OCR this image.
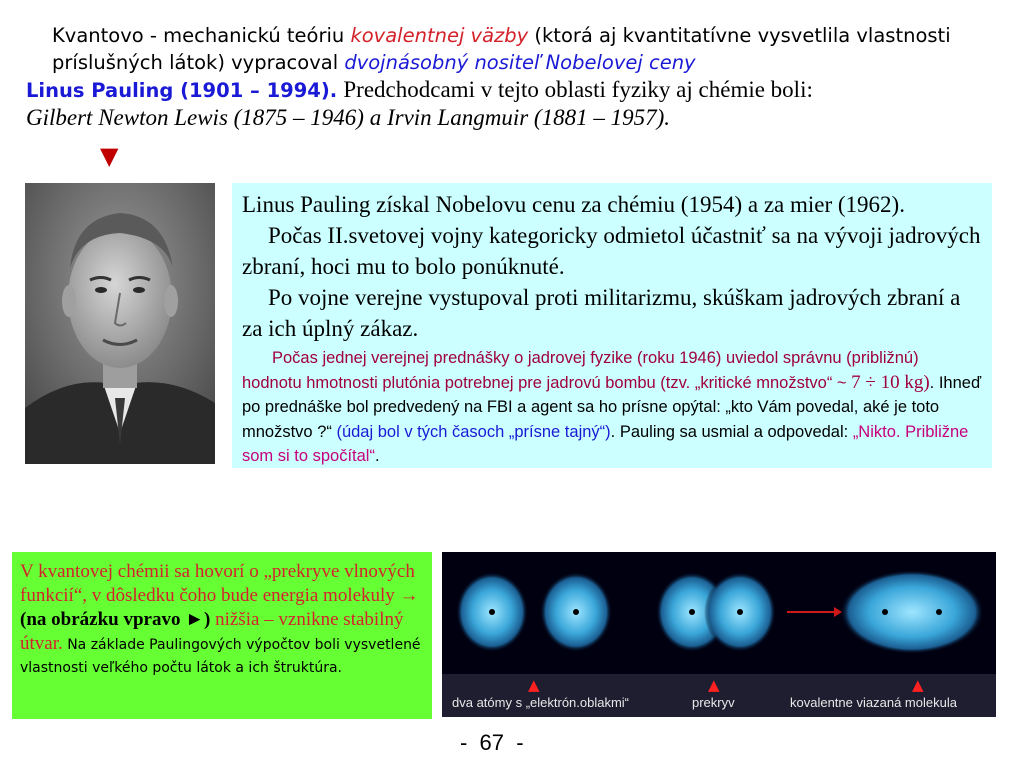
Kvantovo - mechanickú teóriu kovalentnej väzby (ktorá aj kvantitatívne vysvetlila vlastnosti príslušných látok) vypracoval dvojnásobný nositeľ Nobelovej ceny
Linus Pauling (1901 – 1994). Predchodcami v tejto oblasti fyziky aj chémie boli:
Gilbert Newton Lewis (1875 – 1946) a Irvin Langmuir (1881 – 1957).
▼
Linus Pauling získal Nobelovu cenu za chémiu (1954) a za mier (1962).
Počas II.svetovej vojny kategoricky odmietol účastniť sa na vývoji jadrových zbraní, hoci mu to bolo ponúknuté.
Po vojne verejne vystupoval proti militarizmu, skúškam jadrových zbraní a za ich úplný zákaz.
Počas jednej verejnej prednášky o jadrovej fyzike (roku 1946) uviedol správnu (približnú) hodnotu hmotnosti plutónia potrebnej pre jadrovú bombu (tzv. „kritické množstvo“ ~ 7 ÷ 10 kg). Ihneď po prednáške bol predvedený na FBI a agent sa ho prísne opýtal: „kto Vám povedal, aké je toto množstvo ?“ (údaj bol v tých časoch „prísne tajný“). Pauling sa usmial a odpovedal: „Nikto. Približne som si to spočítal“.
V kvantovej chémii sa hovorí o „prekryve vlnových funkcií“, v dôsledku čoho bude energia molekuly → (na obrázku vpravo ►) nižšia – vznikne stabilný útvar. Na základe Paulingových výpočtov boli vysvetlené vlastnosti veľkého počtu látok a ich štruktúra.
▲	▲	▲
dva atómy s „elektrón.oblakmi“	prekryv	kovalentne viazaná molekula
-  67  -
